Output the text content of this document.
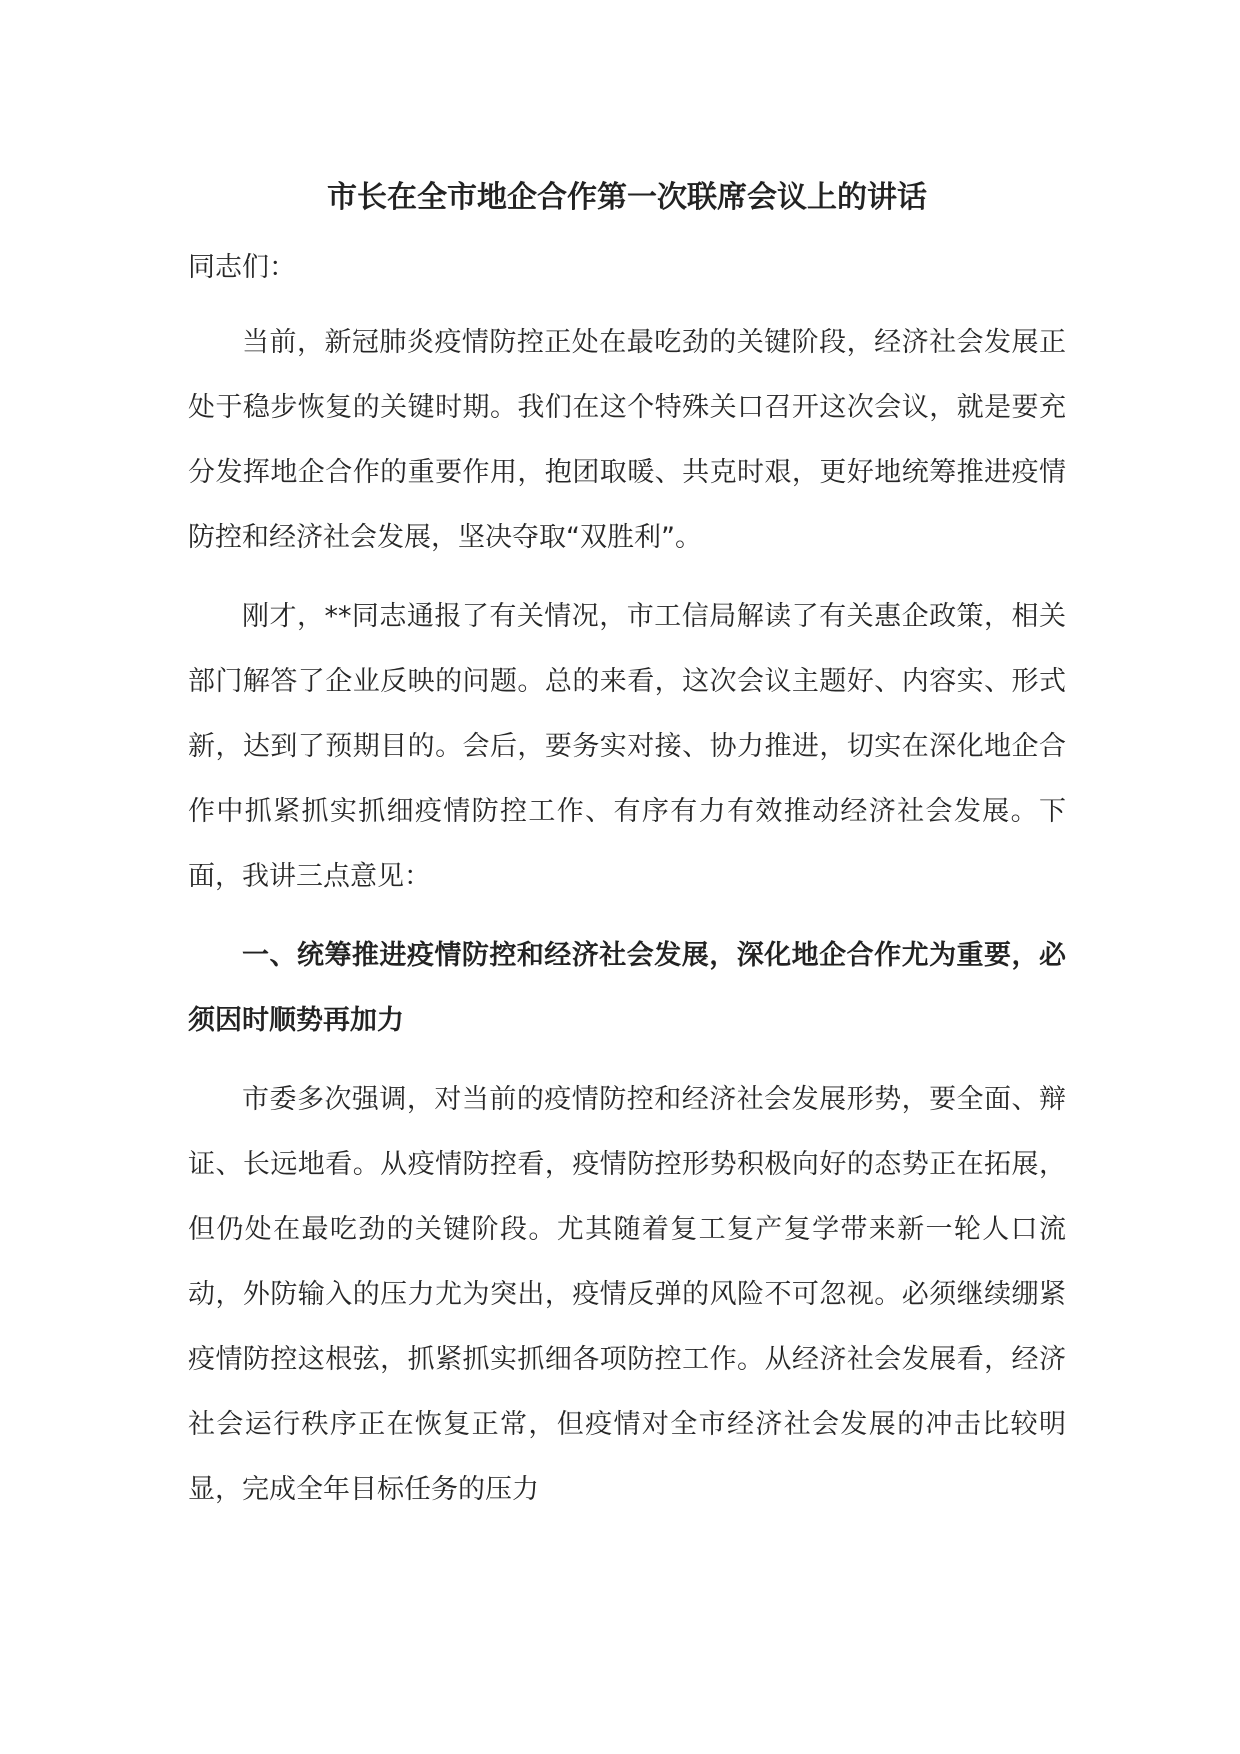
市长在全市地企合作第一次联席会议上的讲话

同志们：

当前，新冠肺炎疫情防控正处在最吃劲的关键阶段，经济社会发展正处于稳步恢复的关键时期。我们在这个特殊关口召开这次会议，就是要充分发挥地企合作的重要作用，抱团取暖、共克时艰，更好地统筹推进疫情防控和经济社会发展，坚决夺取“双胜利”。

刚才，**同志通报了有关情况，市工信局解读了有关惠企政策，相关部门解答了企业反映的问题。总的来看，这次会议主题好、内容实、形式新，达到了预期目的。会后，要务实对接、协力推进，切实在深化地企合作中抓紧抓实抓细疫情防控工作、有序有力有效推动经济社会发展。下面，我讲三点意见：

一、统筹推进疫情防控和经济社会发展，深化地企合作尤为重要，必须因时顺势再加力

市委多次强调，对当前的疫情防控和经济社会发展形势，要全面、辩证、长远地看。从疫情防控看，疫情防控形势积极向好的态势正在拓展，但仍处在最吃劲的关键阶段。尤其随着复工复产复学带来新一轮人口流动，外防输入的压力尤为突出，疫情反弹的风险不可忽视。必须继续绷紧疫情防控这根弦，抓紧抓实抓细各项防控工作。从经济社会发展看，经济社会运行秩序正在恢复正常，但疫情对全市经济社会发展的冲击比较明显，完成全年目标任务的压力
